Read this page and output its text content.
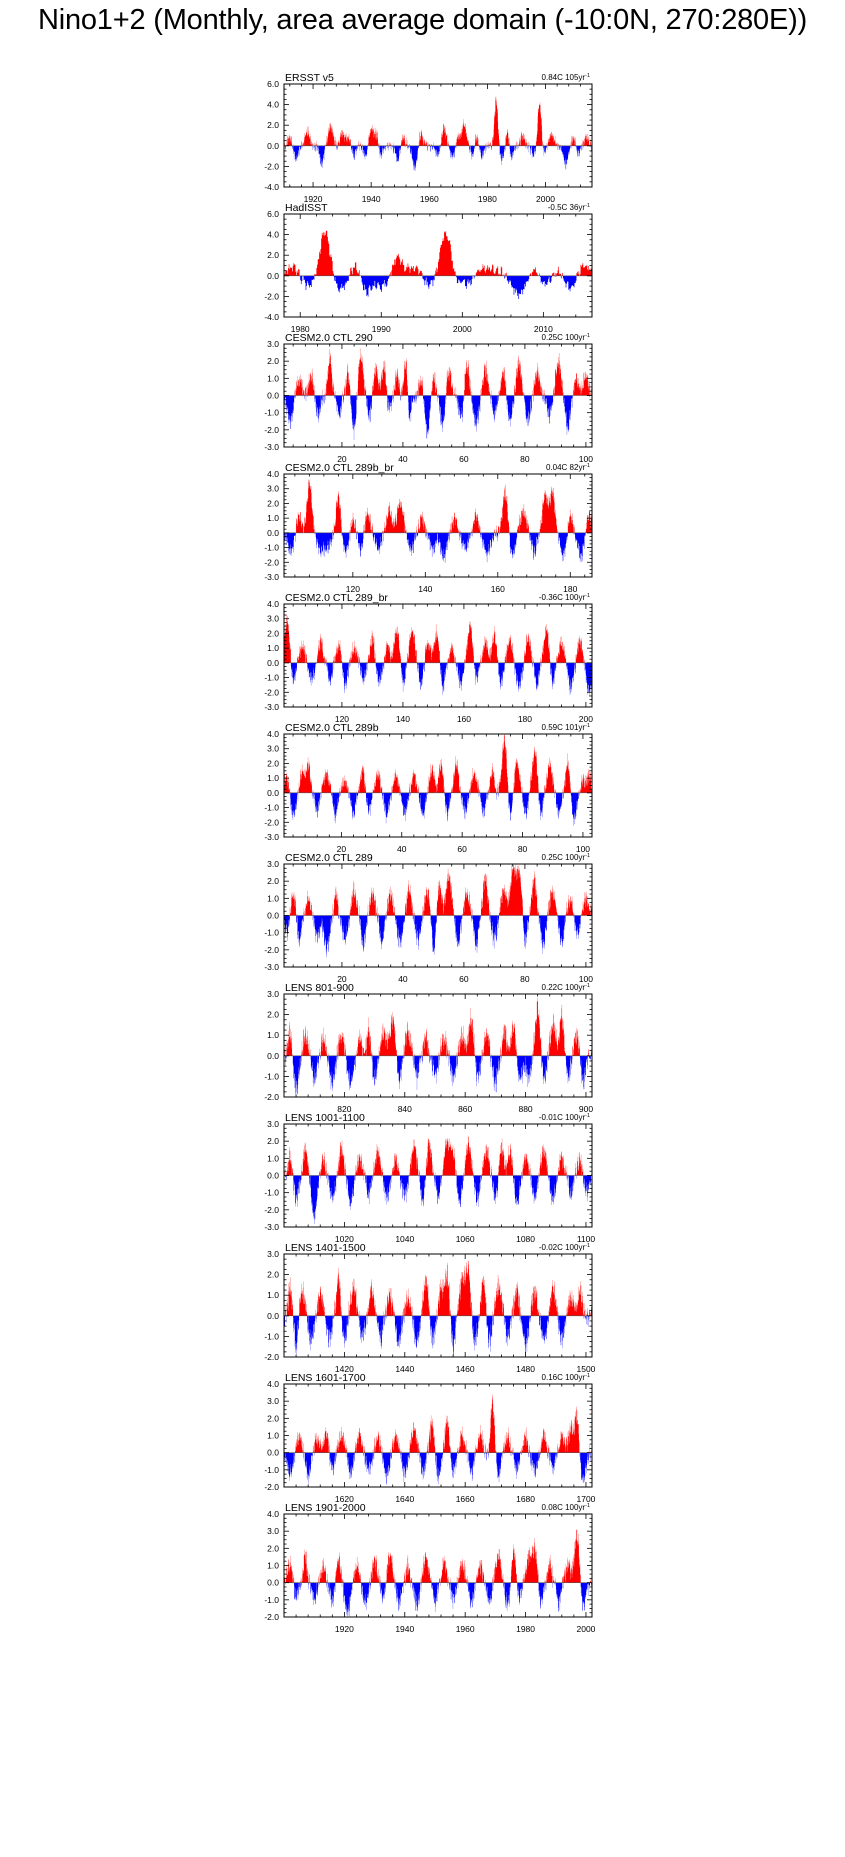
Nino1+2 (Monthly, area average domain (-10:0N, 270:280E))
6.0
4.0
2.0
0.0
-2.0
-4.0
1920	1940	1960	1980	2000
ERSST v5	0.84C $105yr^{-1}$
6.0
4.0
2.0
0.0
-2.0
-4.0
1980	1990	2000	2010
HadISST	-0.5C $36yr^{-1}$
3.0
2.0
1.0
0.0
-1.0
-2.0
-3.0
20	40	60	80	100
CESM2.0 CTL 290	0.25C $100yr^{-1}$
4.0
3.0
2.0
1.0
0.0
-1.0
-2.0
-3.0
120	140	160	180
CESM2.0 CTL 289b_br	0.04C $82yr^{-1}$
4.0
3.0
2.0
1.0
0.0
-1.0
-2.0
-3.0
120	140	160	180	200
CESM2.0 CTL 289_br	-0.36C $100yr^{-1}$
4.0
3.0
2.0
1.0
0.0
-1.0
-2.0
-3.0
20	40	60	80	100
CESM2.0 CTL 289b	0.59C $101yr^{-1}$
3.0
2.0
1.0
0.0
-1.0
-2.0
-3.0
20	40	60	80	100
CESM2.0 CTL 289	0.25C $100yr^{-1}$
3.0
2.0
1.0
0.0
-1.0
-2.0
820	840	860	880	900
LENS 801-900	0.22C $100yr^{-1}$
3.0
2.0
1.0
0.0
-1.0
-2.0
-3.0
1020	1040	1060	1080	1100
LENS 1001-1100	-0.01C $100yr^{-1}$
3.0
2.0
1.0
0.0
-1.0
-2.0
1420	1440	1460	1480	1500
LENS 1401-1500	-0.02C $100yr^{-1}$
4.0
3.0
2.0
1.0
0.0
-1.0
-2.0
1620	1640	1660	1680	1700
LENS 1601-1700	0.16C $100yr^{-1}$
4.0
3.0
2.0
1.0
0.0
-1.0
-2.0
1920	1940	1960	1980	2000
LENS 1901-2000	0.08C $100yr^{-1}$
